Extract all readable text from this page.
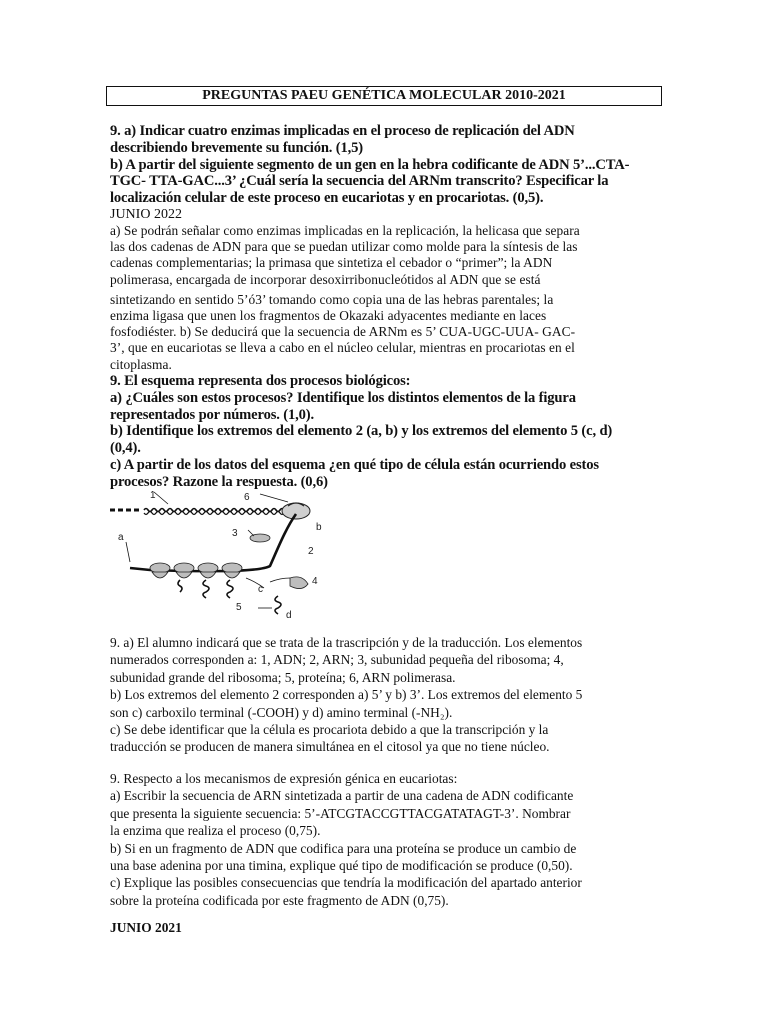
PREGUNTAS PAEU GENÉTICA MOLECULAR 2010-2021

9. a) Indicar cuatro enzimas implicadas en el proceso de replicación del ADN

describiendo brevemente su función. (1,5)

b) A partir del siguiente segmento de un gen en la hebra codificante de ADN 5’...CTA-

TGC- TTA-GAC...3’ ¿Cuál sería la secuencia del ARNm transcrito? Especificar la

localización celular de este proceso en eucariotas y en procariotas. (0,5).

JUNIO 2022

a) Se podrán señalar como enzimas implicadas en la replicación, la helicasa que separa

las dos cadenas de ADN para que se puedan utilizar como molde para la síntesis de las

cadenas complementarias; la primasa que sintetiza el cebador o “primer”; la ADN

polimerasa, encargada de incorporar desoxirribonucleótidos al ADN que se está

sintetizando en sentido 5’ó3’ tomando como copia una de las hebras parentales; la

enzima ligasa que unen los fragmentos de Okazaki adyacentes mediante en laces

fosfodiéster. b) Se deducirá que la secuencia de ARNm es 5’ CUA-UGC-UUA- GAC-

3’, que en eucariotas se lleva a cabo en el núcleo celular, mientras en procariotas en el

citoplasma.

9. El esquema representa dos procesos biológicos:

a) ¿Cuáles son estos procesos? Identifique los distintos elementos de la figura

representados por números. (1,0).

b) Identifique los extremos del elemento 2 (a, b) y los extremos del elemento 5 (c, d)

(0,4).

c) A partir de los datos del esquema ¿en qué tipo de célula están ocurriendo estos

procesos? Razone la respuesta. (0,6)

1	6
b
2
3
a
4
c
5
d

9. a) El alumno indicará que se trata de la trascripción y de la traducción. Los elementos

numerados corresponden a: 1, ADN; 2, ARN; 3, subunidad pequeña del ribosoma; 4,

subunidad grande del ribosoma; 5, proteína; 6, ARN polimerasa.

b) Los extremos del elemento 2 corresponden a) 5’ y b) 3’. Los extremos del elemento 5

son c) carboxilo terminal (-COOH) y d) amino terminal (-NH₂).

c) Se debe identificar que la célula es procariota debido a que la transcripción y la

traducción se producen de manera simultánea en el citosol ya que no tiene núcleo.

9. Respecto a los mecanismos de expresión génica en eucariotas:

a) Escribir la secuencia de ARN sintetizada a partir de una cadena de ADN codificante

que presenta la siguiente secuencia: 5’-ATCGTACCGTTACGATATAGT-3’. Nombrar

la enzima que realiza el proceso (0,75).

b) Si en un fragmento de ADN que codifica para una proteína se produce un cambio de

una base adenina por una timina, explique qué tipo de modificación se produce (0,50).

c) Explique las posibles consecuencias que tendría la modificación del apartado anterior

sobre la proteína codificada por este fragmento de ADN (0,75).

JUNIO 2021
